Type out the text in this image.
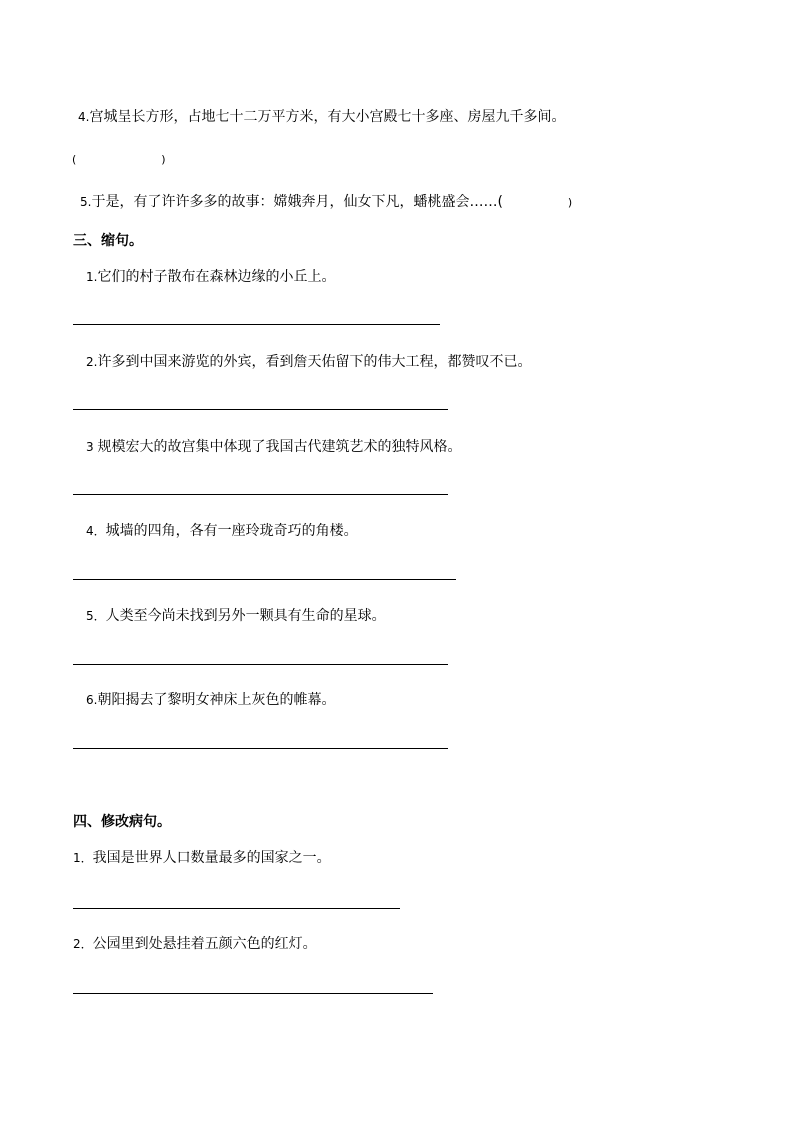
4.宫城呈长方形，占地七十二万平方米，有大小宫殿七十多座、房屋九千多间。
(	)
5.于是，有了许许多多的故事：嫦娥奔月，仙女下凡，蟠桃盛会……(	)
三、缩句。
1.它们的村子散布在森林边缘的小丘上。
2.许多到中国来游览的外宾，看到詹天佑留下的伟大工程，都赞叹不已。
3 规模宏大的故宫集中体现了我国古代建筑艺术的独特风格。
4．城墙的四角，各有一座玲珑奇巧的角楼。
5．人类至今尚未找到另外一颗具有生命的星球。
6.朝阳揭去了黎明女神床上灰色的帷幕。
四、修改病句。
1．我国是世界人口数量最多的国家之一。
2．公园里到处悬挂着五颜六色的红灯。
